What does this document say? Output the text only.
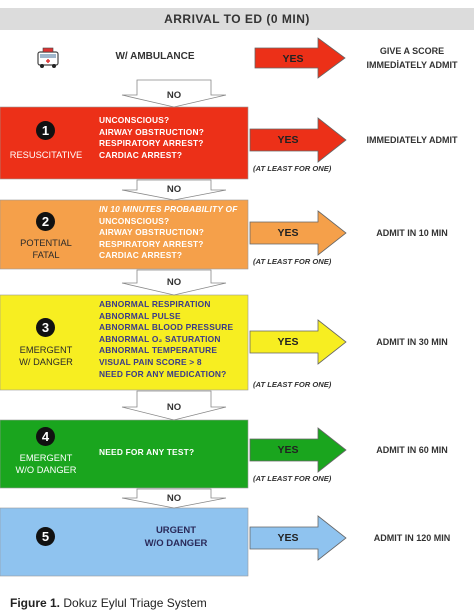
ARRIVAL TO ED (0 MIN)
W/ AMBULANCE	YES
GIVE A SCORE
IMMEDİATELY ADMIT
NO
NO
NO
NO
NO
1
RESUSCITATIVE
UNCONSCIOUS?
AIRWAY OBSTRUCTION?
RESPIRATORY ARREST?
CARDIAC ARREST?
YES
(AT LEAST FOR ONE)
IMMEDIATELY ADMIT
2
POTENTIAL
FATAL
IN 10 MINUTES PROBABILITY OF
UNCONSCIOUS?
AIRWAY OBSTRUCTION?
RESPIRATORY ARREST?
CARDIAC ARREST?
YES
(AT LEAST FOR ONE)
ADMIT IN 10 MIN
3
EMERGENT
W/ DANGER
ABNORMAL RESPIRATION
ABNORMAL PULSE
ABNORMAL BLOOD PRESSURE
ABNORMAL O₂ SATURATION
ABNORMAL TEMPERATURE
VISUAL PAIN SCORE > 8
NEED FOR ANY MEDICATION?
YES
(AT LEAST FOR ONE)
ADMIT IN 30 MIN
4
EMERGENT
W/O DANGER
NEED FOR ANY TEST?	YES
(AT LEAST FOR ONE)
ADMIT IN 60 MIN
5	URGENT
W/O DANGER	YES	ADMIT IN 120 MIN
Figure 1. Dokuz Eylul Triage System
